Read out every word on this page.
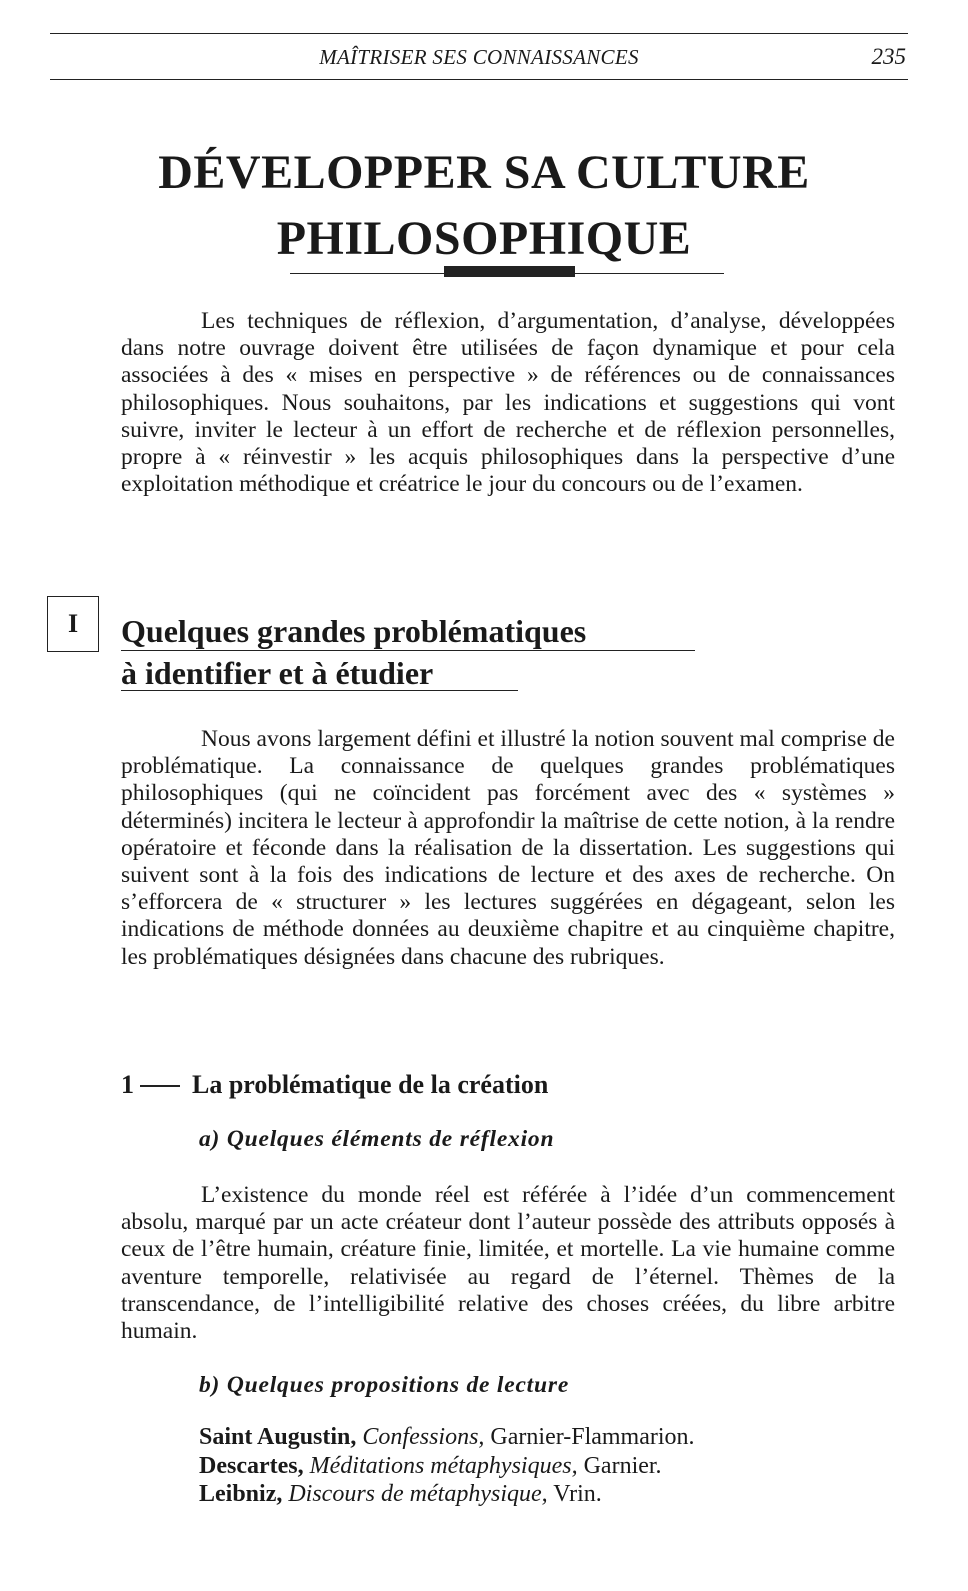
MAÎTRISER SES CONNAISSANCES	235
DÉVELOPPER SA CULTURE
PHILOSOPHIQUE

Les techniques de réflexion, d’argumentation, d’analyse, développées dans notre ouvrage doivent être utilisées de façon dynamique et pour cela associées à des « mises en perspective » de références ou de connaissances philosophiques. Nous souhaitons, par les indications et suggestions qui vont suivre, inviter le lecteur à un effort de recherche et de réflexion personnelles, propre à « réinvestir » les acquis philosophiques dans la perspective d’une exploitation méthodique et créatrice le jour du concours ou de l’examen.

I	Quelques grandes problématiques
à identifier et à étudier

Nous avons largement défini et illustré la notion souvent mal comprise de problématique. La connaissance de quelques grandes problématiques philosophiques (qui ne coïncident pas forcément avec des « systèmes » déterminés) incitera le lecteur à approfondir la maîtrise de cette notion, à la rendre opératoire et féconde dans la réalisation de la dissertation. Les suggestions qui suivent sont à la fois des indications de lecture et des axes de recherche. On s’efforcera de « structurer » les lectures suggérées en dégageant, selon les indications de méthode données au deuxième chapitre et au cinquième chapitre, les problématiques désignées dans chacune des rubriques.

1 La problématique de la création
a) Quelques éléments de réflexion

L’existence du monde réel est référée à l’idée d’un commencement absolu, marqué par un acte créateur dont l’auteur possède des attributs opposés à ceux de l’être humain, créature finie, limitée, et mortelle. La vie humaine comme aventure temporelle, relativisée au regard de l’éternel. Thèmes de la transcendance, de l’intelligibilité relative des choses créées, du libre arbitre humain.

b) Quelques propositions de lecture
Saint Augustin, Confessions, Garnier-Flammarion.
Descartes, Méditations métaphysiques, Garnier.
Leibniz, Discours de métaphysique, Vrin.
